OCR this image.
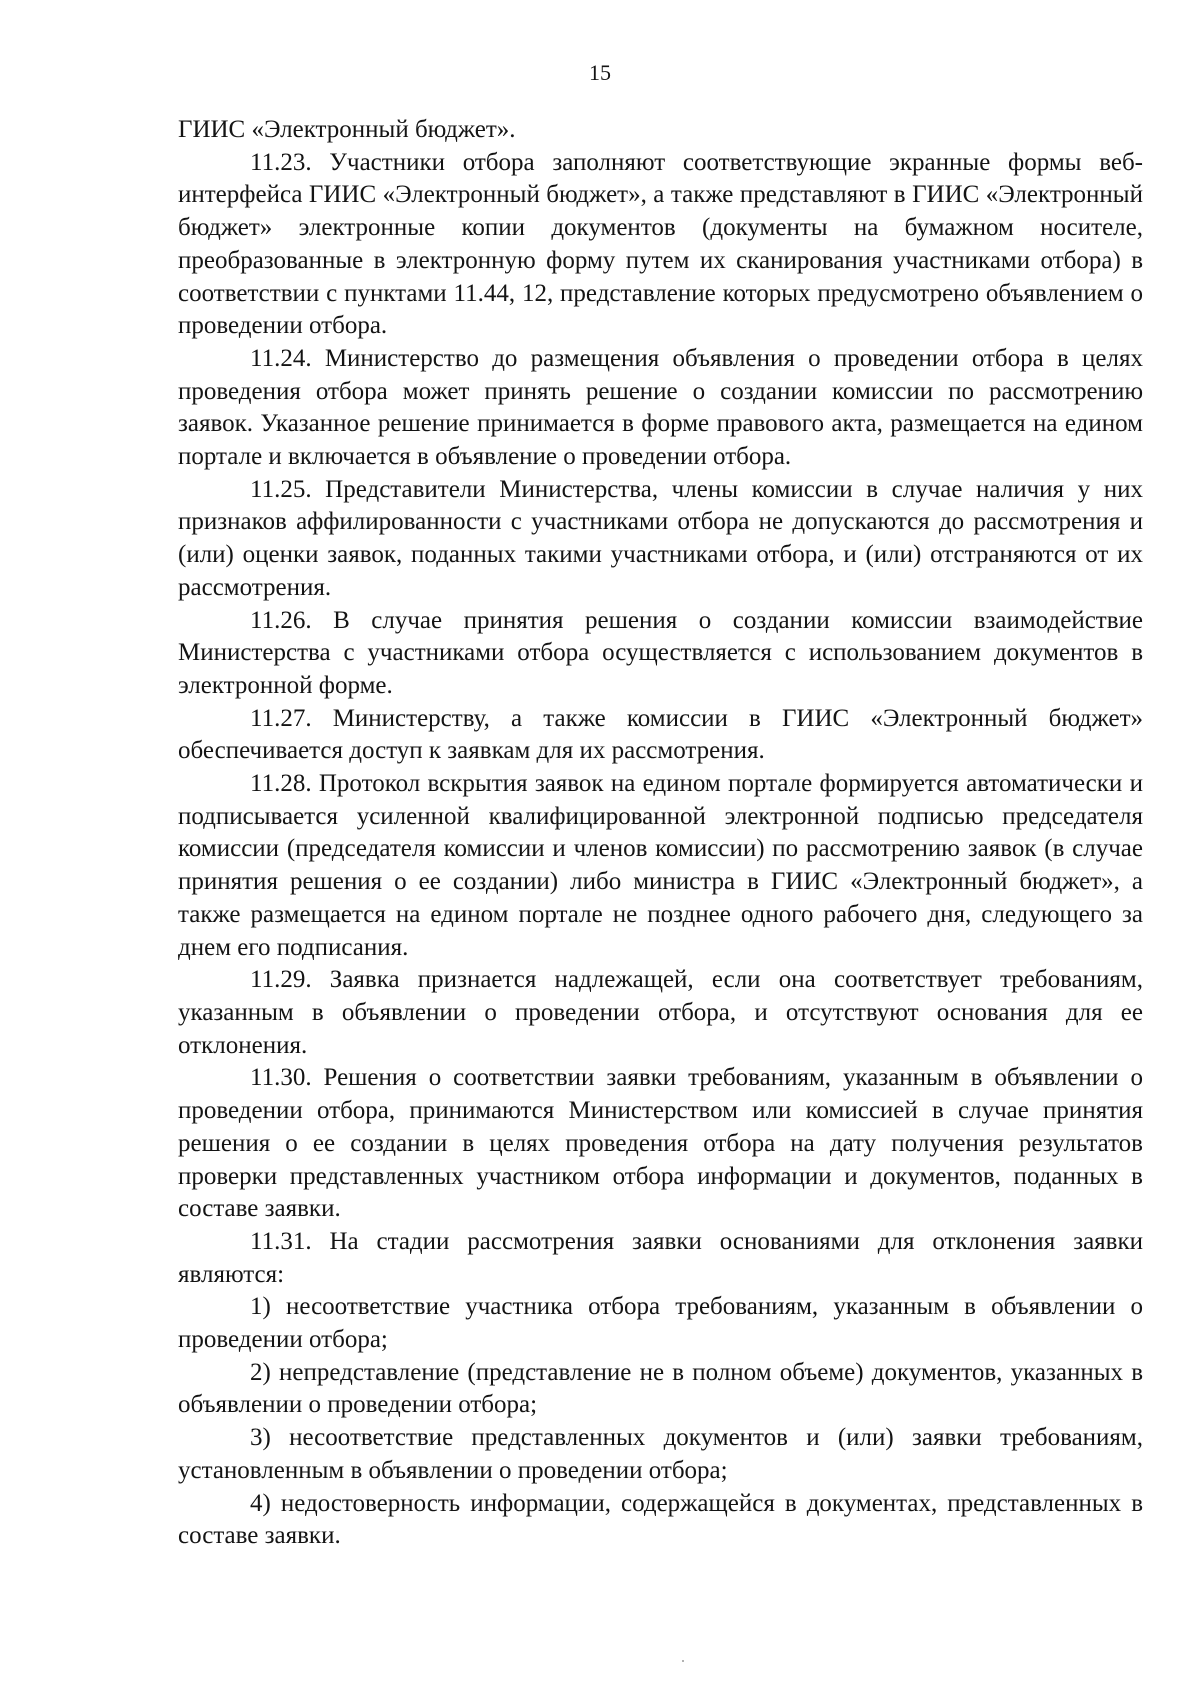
15

ГИИС «Электронный бюджет».

11.23. Участники отбора заполняют соответствующие экранные формы веб-интерфейса ГИИС «Электронный бюджет», а также представляют в ГИИС «Электронный бюджет» электронные копии документов (документы на бумажном носителе, преобразованные в электронную форму путем их сканирования участниками отбора) в соответствии с пунктами 11.44, 12, представление которых предусмотрено объявлением о проведении отбора.

11.24. Министерство до размещения объявления о проведении отбора в целях проведения отбора может принять решение о создании комиссии по рассмотрению заявок. Указанное решение принимается в форме правового акта, размещается на едином портале и включается в объявление о проведении отбора.

11.25. Представители Министерства, члены комиссии в случае наличия у них признаков аффилированности с участниками отбора не допускаются до рассмотрения и (или) оценки заявок, поданных такими участниками отбора, и (или) отстраняются от их рассмотрения.

11.26. В случае принятия решения о создании комиссии взаимодействие Министерства с участниками отбора осуществляется с использованием документов в электронной форме.

11.27. Министерству, а также комиссии в ГИИС «Электронный бюджет» обеспечивается доступ к заявкам для их рассмотрения.

11.28. Протокол вскрытия заявок на едином портале формируется автоматически и подписывается усиленной квалифицированной электронной подписью председателя комиссии (председателя комиссии и членов комиссии) по рассмотрению заявок (в случае принятия решения о ее создании) либо министра в ГИИС «Электронный бюджет», а также размещается на едином портале не позднее одного рабочего дня, следующего за днем его подписания.

11.29. Заявка признается надлежащей, если она соответствует требованиям, указанным в объявлении о проведении отбора, и отсутствуют основания для ее отклонения.

11.30. Решения о соответствии заявки требованиям, указанным в объявлении о проведении отбора, принимаются Министерством или комиссией в случае принятия решения о ее создании в целях проведения отбора на дату получения результатов проверки представленных участником отбора информации и документов, поданных в составе заявки.

11.31. На стадии рассмотрения заявки основаниями для отклонения заявки являются:

1) несоответствие участника отбора требованиям, указанным в объявлении о проведении отбора;

2) непредставление (представление не в полном объеме) документов, указанных в объявлении о проведении отбора;

3) несоответствие представленных документов и (или) заявки требованиям, установленным в объявлении о проведении отбора;

4) недостоверность информации, содержащейся в документах, представленных в составе заявки.
